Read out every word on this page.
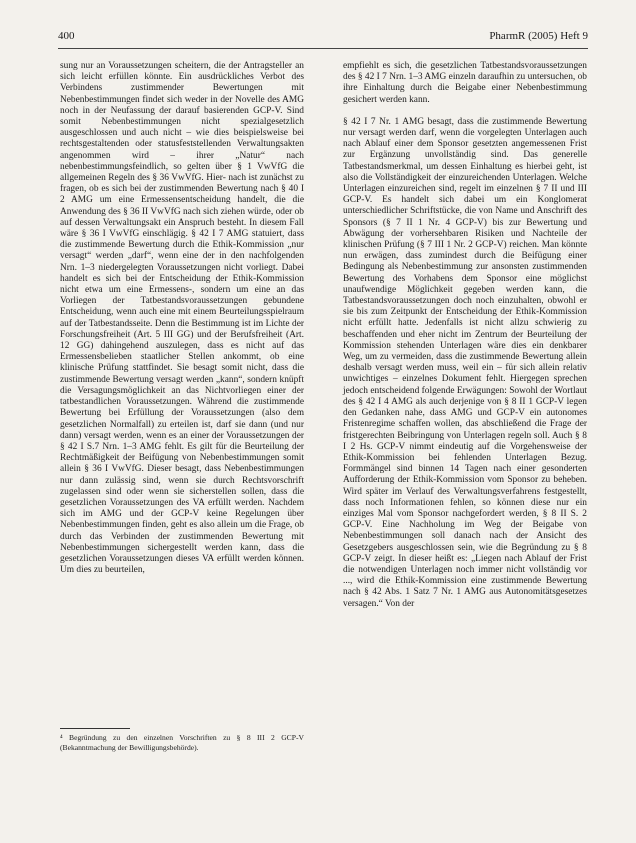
400	PharmR (2005) Heft 9

sung nur an Voraussetzungen scheitern, die der Antragsteller an sich leicht erfüllen könnte. Ein ausdrückliches Verbot des Verbindens zustimmender Bewertungen mit Nebenbestimmungen findet sich weder in der Novelle des AMG noch in der Neufassung der darauf basierenden GCP-V. Sind somit Nebenbestimmungen nicht spezialgesetzlich ausgeschlossen und auch nicht – wie dies beispielsweise bei rechtsgestaltenden oder statusfeststellenden Verwaltungsakten angenommen wird – ihrer „Natur“ nach nebenbestimmungsfeindlich, so gelten über § 1 VwVfG die allgemeinen Regeln des § 36 VwVfG. Hier- nach ist zunächst zu fragen, ob es sich bei der zustimmenden Bewertung nach § 40 I 2 AMG um eine Ermessensentscheidung handelt, die die Anwendung des § 36 II VwVfG nach sich ziehen würde, oder ob auf dessen Verwaltungsakt ein Anspruch besteht. In diesem Fall wäre § 36 I VwVfG einschlägig. § 42 I 7 AMG statuiert, dass die zustimmende Bewertung durch die Ethik-Kommission „nur versagt“ werden „darf“, wenn eine der in den nachfolgenden Nrn. 1–3 niedergelegten Voraussetzungen nicht vorliegt. Dabei handelt es sich bei der Entscheidung der Ethik-Kommission nicht etwa um eine Ermessens-, sondern um eine an das Vorliegen der Tatbestandsvoraussetzungen gebundene Entscheidung, wenn auch eine mit einem Beurteilungsspielraum auf der Tatbestandsseite. Denn die Bestimmung ist im Lichte der Forschungsfreiheit (Art. 5 III GG) und der Berufsfreiheit (Art. 12 GG) dahingehend auszulegen, dass es nicht auf das Ermessensbelieben staatlicher Stellen ankommt, ob eine klinische Prüfung stattfindet. Sie besagt somit nicht, dass die zustimmende Bewertung versagt werden „kann“, sondern knüpft die Versagungsmöglichkeit an das Nichtvorliegen einer der tatbestandlichen Voraussetzungen. Während die zustimmende Bewertung bei Erfüllung der Voraussetzungen (also dem gesetzlichen Normalfall) zu erteilen ist, darf sie dann (und nur dann) versagt werden, wenn es an einer der Voraussetzungen der § 42 I S.7 Nrn. 1–3 AMG fehlt. Es gilt für die Beurteilung der Rechtmäßigkeit der Beifügung von Nebenbestimmungen somit allein § 36 I VwVfG. Dieser besagt, dass Nebenbestimmungen nur dann zulässig sind, wenn sie durch Rechtsvorschrift zugelassen sind oder wenn sie sicherstellen sollen, dass die gesetzlichen Voraussetzungen des VA erfüllt werden. Nachdem sich im AMG und der GCP-V keine Regelungen über Nebenbestimmungen finden, geht es also allein um die Frage, ob durch das Verbinden der zustimmenden Bewertung mit Nebenbestimmungen sichergestellt werden kann, dass die gesetzlichen Voraussetzungen dieses VA erfüllt werden können. Um dies zu beurteilen,

empfiehlt es sich, die gesetzlichen Tatbestandsvoraussetzungen des § 42 I 7 Nrn. 1–3 AMG einzeln daraufhin zu untersuchen, ob ihre Einhaltung durch die Beigabe einer Nebenbestimmung gesichert werden kann.

§ 42 I 7 Nr. 1 AMG besagt, dass die zustimmende Bewertung nur versagt werden darf, wenn die vorgelegten Unterlagen auch nach Ablauf einer dem Sponsor gesetzten angemessenen Frist zur Ergänzung unvollständig sind. Das generelle Tatbestandsmerkmal, um dessen Einhaltung es hierbei geht, ist also die Vollständigkeit der einzureichenden Unterlagen. Welche Unterlagen einzureichen sind, regelt im einzelnen § 7 II und III GCP-V. Es handelt sich dabei um ein Konglomerat unterschiedlicher Schriftstücke, die von Name und Anschrift des Sponsors (§ 7 II 1 Nr. 4 GCP-V) bis zur Bewertung und Abwägung der vorhersehbaren Risiken und Nachteile der klinischen Prüfung (§ 7 III 1 Nr. 2 GCP-V) reichen. Man könnte nun erwägen, dass zumindest durch die Beifügung einer Bedingung als Nebenbestimmung zur ansonsten zustimmenden Bewertung des Vorhabens dem Sponsor eine möglichst unaufwendige Möglichkeit gegeben werden kann, die Tatbestandsvoraussetzungen doch noch einzuhalten, obwohl er sie bis zum Zeitpunkt der Entscheidung der Ethik-Kommission nicht erfüllt hatte. Jedenfalls ist nicht allzu schwierig zu beschaffenden und eher nicht im Zentrum der Beurteilung der Kommission stehenden Unterlagen wäre dies ein denkbarer Weg, um zu vermeiden, dass die zustimmende Bewertung allein deshalb versagt werden muss, weil ein – für sich allein relativ unwichtiges – einzelnes Dokument fehlt. Hiergegen sprechen jedoch entscheidend folgende Erwägungen: Sowohl der Wortlaut des § 42 I 4 AMG als auch derjenige von § 8 II 1 GCP-V legen den Gedanken nahe, dass AMG und GCP-V ein autonomes Fristenregime schaffen wollen, das abschließend die Frage der fristgerechten Beibringung von Unterlagen regeln soll. Auch § 8 I 2 Hs. GCP-V nimmt eindeutig auf die Vorgehensweise der Ethik-Kommission bei fehlenden Unterlagen Bezug. Formmängel sind binnen 14 Tagen nach einer gesonderten Aufforderung der Ethik-Kommission vom Sponsor zu beheben. Wird später im Verlauf des Verwaltungsverfahrens festgestellt, dass noch Informationen fehlen, so können diese nur ein einziges Mal vom Sponsor nachgefordert werden, § 8 II S. 2 GCP-V. Eine Nachholung im Weg der Beigabe von Nebenbestimmungen soll danach nach der Ansicht des Gesetzgebers ausgeschlossen sein, wie die Begründung zu § 8 GCP-V zeigt. In dieser heißt es: „Liegen nach Ablauf der Frist die notwendigen Unterlagen noch immer nicht vollständig vor ..., wird die Ethik-Kommission eine zustimmende Bewertung nach § 42 Abs. 1 Satz 7 Nr. 1 AMG aus Autonomitätsgesetzes versagen.“ Von der

⁴ Begründung zu den einzelnen Vorschriften zu § 8 III 2 GCP-V (Bekanntmachung der Bewilligungsbehörde).
